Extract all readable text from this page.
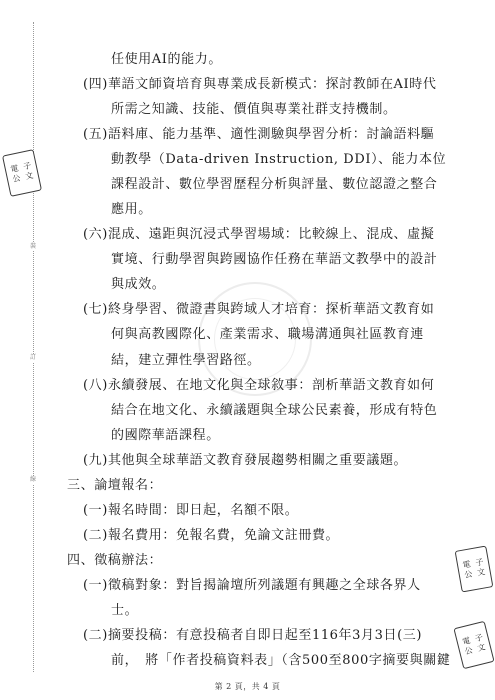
裝
訂
線
電 子
公 文
電 子
公 文
電 子
公 文

任使用AI的能力。

(四)華語文師資培育與專業成長新模式：探討教師在AI時代

所需之知識、技能、價值與專業社群支持機制。

(五)語料庫、能力基準、適性測驗與學習分析：討論語料驅

動教學（Data-driven Instruction, DDI）、能力本位

課程設計、數位學習歷程分析與評量、數位認證之整合

應用。

(六)混成、遠距與沉浸式學習場域：比較線上、混成、虛擬

實境、行動學習與跨國協作任務在華語文教學中的設計

與成效。

(七)終身學習、微證書與跨域人才培育：探析華語文教育如

何與高教國際化、產業需求、職場溝通與社區教育連

結，建立彈性學習路徑。

(八)永續發展、在地文化與全球敘事：剖析華語文教育如何

結合在地文化、永續議題與全球公民素養，形成有特色

的國際華語課程。

(九)其他與全球華語文教育發展趨勢相關之重要議題。

三、論壇報名：

(一)報名時間：即日起，名額不限。

(二)報名費用：免報名費，免論文註冊費。

第 2 頁，共 4 頁

四、徵稿辦法：

(一)徵稿對象：對旨揭論壇所列議題有興趣之全球各界人

士。

(二)摘要投稿：有意投稿者自即日起至116年3月3日(三)

前，　將「作者投稿資料表」（含500至800字摘要與關鍵
